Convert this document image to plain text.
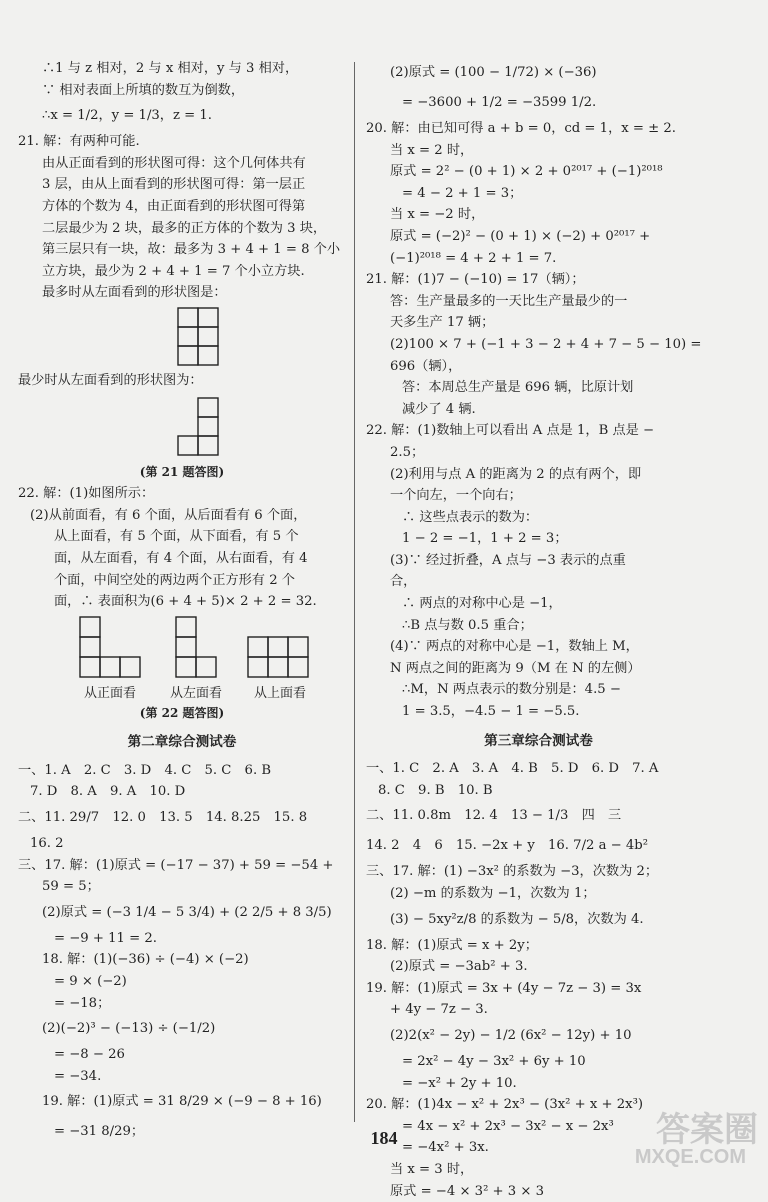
∴1 与 z 相对，2 与 x 相对，y 与 3 相对，
∵ 相对表面上所填的数互为倒数，
∴x = 1/2，y = 1/3，z = 1.
21. 解：有两种可能.
由从正面看到的形状图可得：这个几何体共有
3 层，由从上面看到的形状图可得：第一层正
方体的个数为 4，由正面看到的形状图可得第
二层最少为 2 块，最多的正方体的个数为 3 块，
第三层只有一块，故：最多为 3 + 4 + 1 = 8 个小
立方块，最少为 2 + 4 + 1 = 7 个小立方块.
最多时从左面看到的形状图是：
最少时从左面看到的形状图为：
(第 21 题答图)
22. 解：(1)如图所示：
(2)从前面看，有 6 个面，从后面看有 6 个面，
从上面看，有 5 个面，从下面看，有 5 个
面，从左面看，有 4 个面，从右面看，有 4
个面，中间空处的两边两个正方形有 2 个
面，∴ 表面积为(6 + 4 + 5)× 2 + 2 = 32.
从正面看	从左面看 从上面看
(第 22 题答图)
第二章综合测试卷
一、1. A　2. C　3. D　4. C　5. C　6. B
7. D　8. A　9. A　10. D
二、11. 29/7　12. 0　13. 5　14. 8.25　15. 8
16. 2
三、17. 解：(1)原式 = (−17 − 37) + 59 = −54 +
59 = 5；
(2)原式 = (−3 1/4 − 5 3/4) + (2 2/5 + 8 3/5)
= −9 + 11 = 2.
18. 解：(1)(−36) ÷ (−4) × (−2)
= 9 × (−2)
= −18；
(2)(−2)³ − (−13) ÷ (−1/2)
= −8 − 26
= −34.
19. 解：(1)原式 = 31 8/29 × (−9 − 8 + 16)
= −31 8/29；
(2)原式 = (100 − 1/72) × (−36)
= −3600 + 1/2 = −3599 1/2.
20. 解：由已知可得 a + b = 0，cd = 1，x = ± 2.
当 x = 2 时，
原式 = 2² − (0 + 1) × 2 + 0²⁰¹⁷ + (−1)²⁰¹⁸
= 4 − 2 + 1 = 3；
当 x = −2 时，
原式 = (−2)² − (0 + 1) × (−2) + 0²⁰¹⁷ +
(−1)²⁰¹⁸ = 4 + 2 + 1 = 7.
21. 解：(1)7 − (−10) = 17（辆）；
答：生产量最多的一天比生产量最少的一
天多生产 17 辆；
(2)100 × 7 + (−1 + 3 − 2 + 4 + 7 − 5 − 10) =
696（辆），
答：本周总生产量是 696 辆，比原计划
减少了 4 辆.
22. 解：(1)数轴上可以看出 A 点是 1，B 点是 −
2.5；
(2)利用与点 A 的距离为 2 的点有两个，即
一个向左，一个向右；
∴ 这些点表示的数为：
1 − 2 = −1，1 + 2 = 3；
(3)∵ 经过折叠，A 点与 −3 表示的点重
合，
∴ 两点的对称中心是 −1，
∴B 点与数 0.5 重合；
(4)∵ 两点的对称中心是 −1，数轴上 M，
N 两点之间的距离为 9（M 在 N 的左侧）
∴M，N 两点表示的数分别是：4.5 −
1 = 3.5，−4.5 − 1 = −5.5.
第三章综合测试卷
一、1. C　2. A　3. A　4. B　5. D　6. D　7. A
8. C　9. B　10. B
二、11. 0.8m　12. 4　13 − 1/3　四　三
14. 2　4　6　15. −2x + y　16. 7/2 a − 4b²
三、17. 解：(1) −3x² 的系数为 −3，次数为 2；
(2) −m 的系数为 −1，次数为 1；
(3) − 5xy²z/8 的系数为 − 5/8，次数为 4.
18. 解：(1)原式 = x + 2y；
(2)原式 = −3ab² + 3.
19. 解：(1)原式 = 3x + (4y − 7z − 3) = 3x
+ 4y − 7z − 3.
(2)2(x² − 2y) − 1/2 (6x² − 12y) + 10
= 2x² − 4y − 3x² + 6y + 10
= −x² + 2y + 10.
20. 解：(1)4x − x² + 2x³ − (3x² + x + 2x³)
= 4x − x² + 2x³ − 3x² − x − 2x³
= −4x² + 3x.
当 x = 3 时，
原式 = −4 × 3² + 3 × 3
184	答案圈
MXQE.COM
